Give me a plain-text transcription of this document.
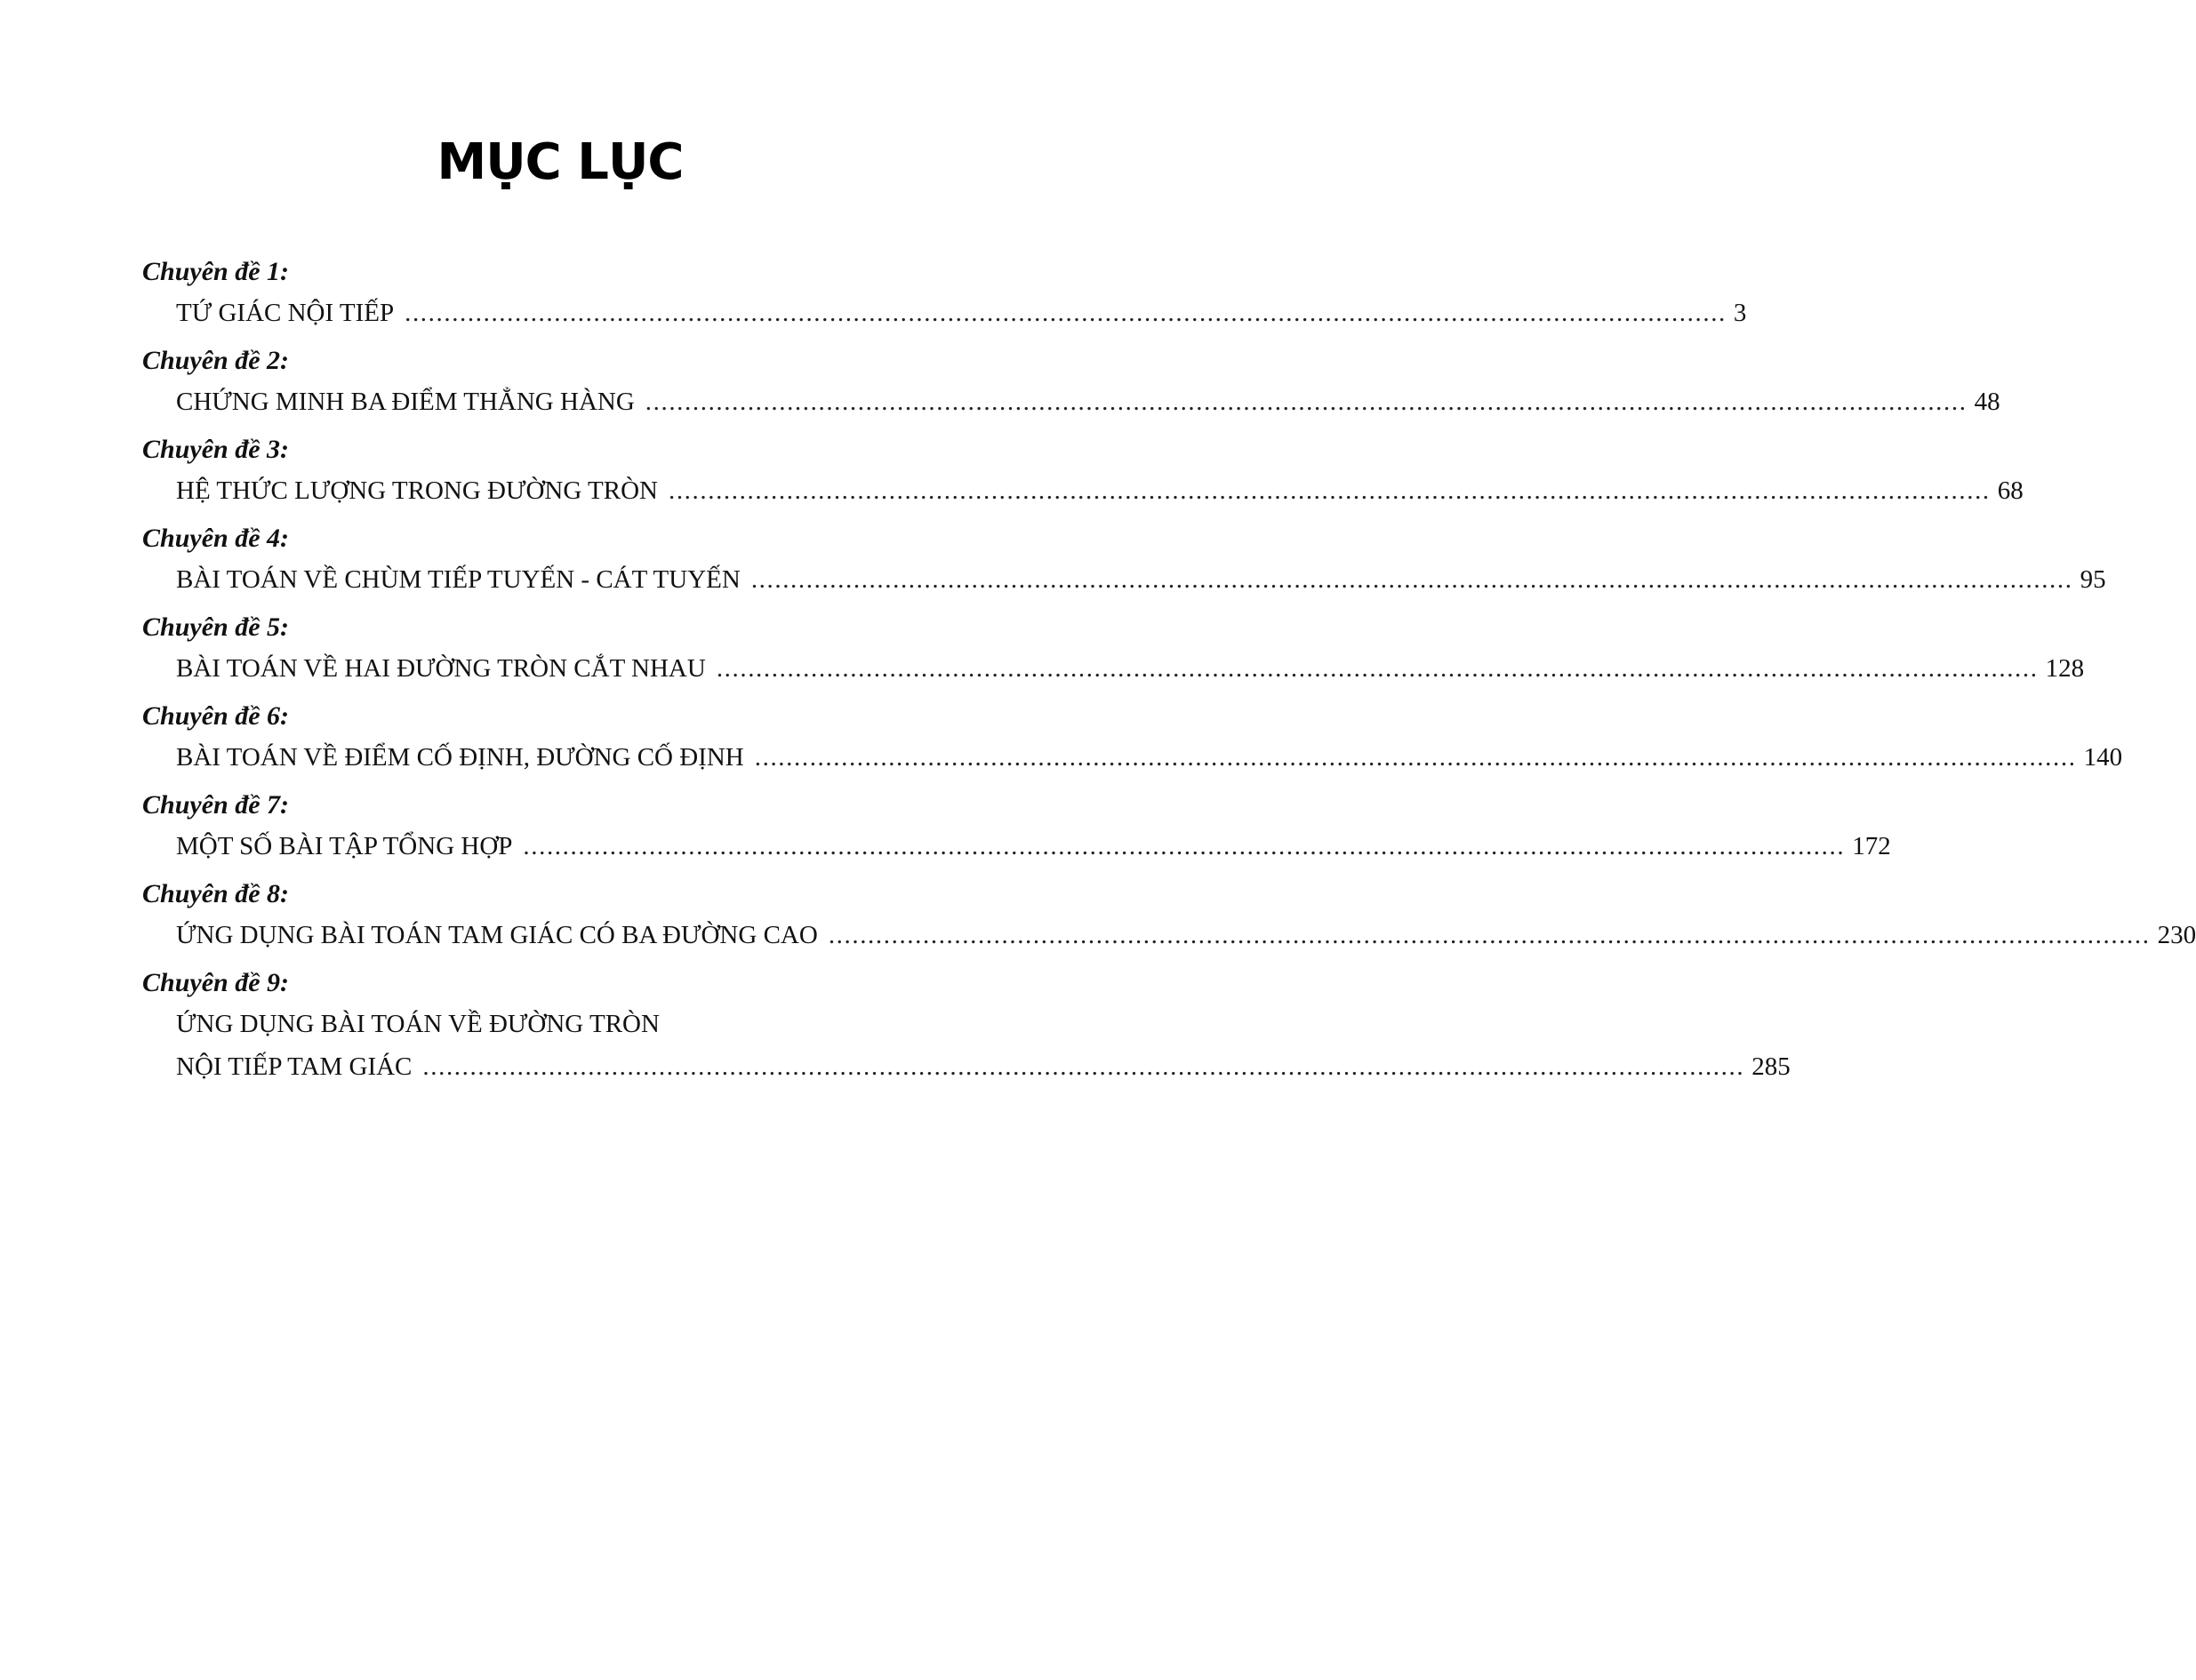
MỤC LỤC
Chuyên đề 1:
TỨ GIÁC NỘI TIẾP ........................................................................................................................................................................ 3
Chuyên đề 2:
CHỨNG MINH BA ĐIỂM THẲNG HÀNG ........................................................................................................................................................................ 48
Chuyên đề 3:
HỆ THỨC LƯỢNG TRONG ĐƯỜNG TRÒN ........................................................................................................................................................................ 68
Chuyên đề 4:
BÀI TOÁN VỀ CHÙM TIẾP TUYẾN - CÁT TUYẾN ........................................................................................................................................................................ 95
Chuyên đề 5:
BÀI TOÁN VỀ HAI ĐƯỜNG TRÒN CẮT NHAU ........................................................................................................................................................................ 128
Chuyên đề 6:
BÀI TOÁN VỀ ĐIỂM CỐ ĐỊNH, ĐƯỜNG CỐ ĐỊNH ........................................................................................................................................................................ 140
Chuyên đề 7:
MỘT SỐ BÀI TẬP TỔNG HỢP ........................................................................................................................................................................ 172
Chuyên đề 8:
ỨNG DỤNG BÀI TOÁN TAM GIÁC CÓ BA ĐƯỜNG CAO ........................................................................................................................................................................ 230
Chuyên đề 9:
ỨNG DỤNG BÀI TOÁN VỀ ĐƯỜNG TRÒN
NỘI TIẾP TAM GIÁC ........................................................................................................................................................................ 285
